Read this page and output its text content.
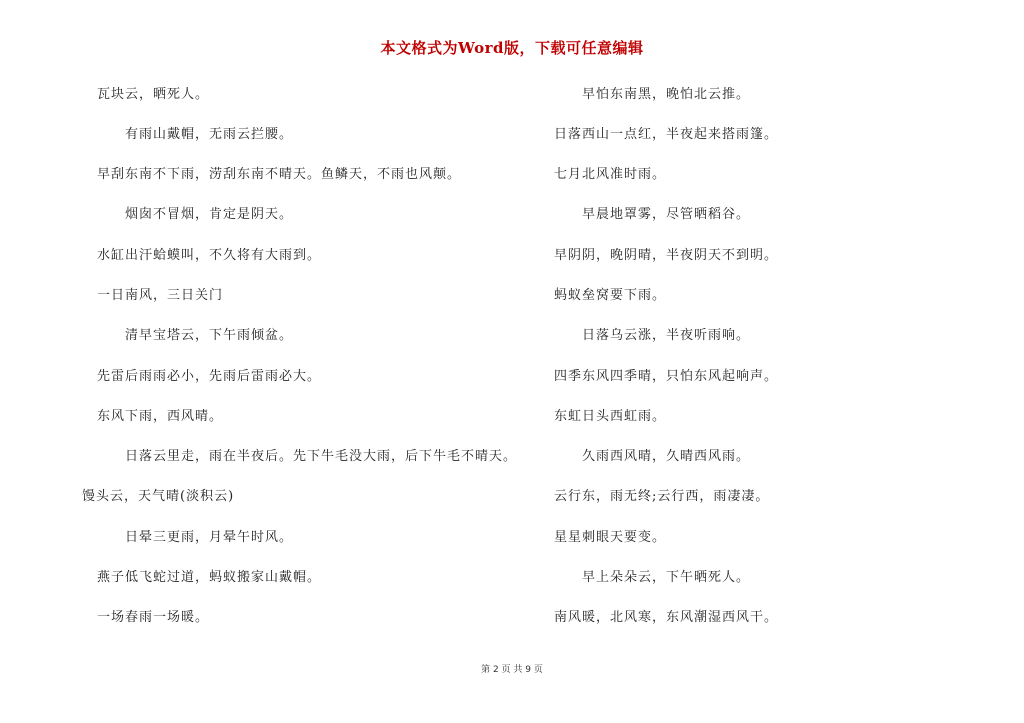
本文格式为Word版，下载可任意编辑
瓦块云，晒死人。
有雨山戴帽，无雨云拦腰。
早刮东南不下雨，涝刮东南不晴天。鱼鳞天，不雨也风颠。
烟囱不冒烟，肯定是阴天。
水缸出汗蛤蟆叫，不久将有大雨到。
一日南风，三日关门
清早宝塔云，下午雨倾盆。
先雷后雨雨必小，先雨后雷雨必大。
东风下雨，西风晴。
日落云里走，雨在半夜后。先下牛毛没大雨，后下牛毛不晴天。
馒头云，天气晴(淡积云)
日晕三更雨，月晕午时风。
燕子低飞蛇过道，蚂蚁搬家山戴帽。
一场春雨一场暖。
早怕东南黑，晚怕北云推。
日落西山一点红，半夜起来搭雨篷。
七月北风准时雨。
早晨地罩雾，尽管晒稻谷。
早阴阴，晚阴晴，半夜阴天不到明。
蚂蚁垒窝要下雨。
日落乌云涨，半夜听雨响。
四季东风四季晴，只怕东风起响声。
东虹日头西虹雨。
久雨西风晴，久晴西风雨。
云行东，雨无终;云行西，雨凄凄。
星星刺眼天要变。
早上朵朵云，下午晒死人。
南风暖，北风寒，东风潮湿西风干。
第 2 页 共 9 页
